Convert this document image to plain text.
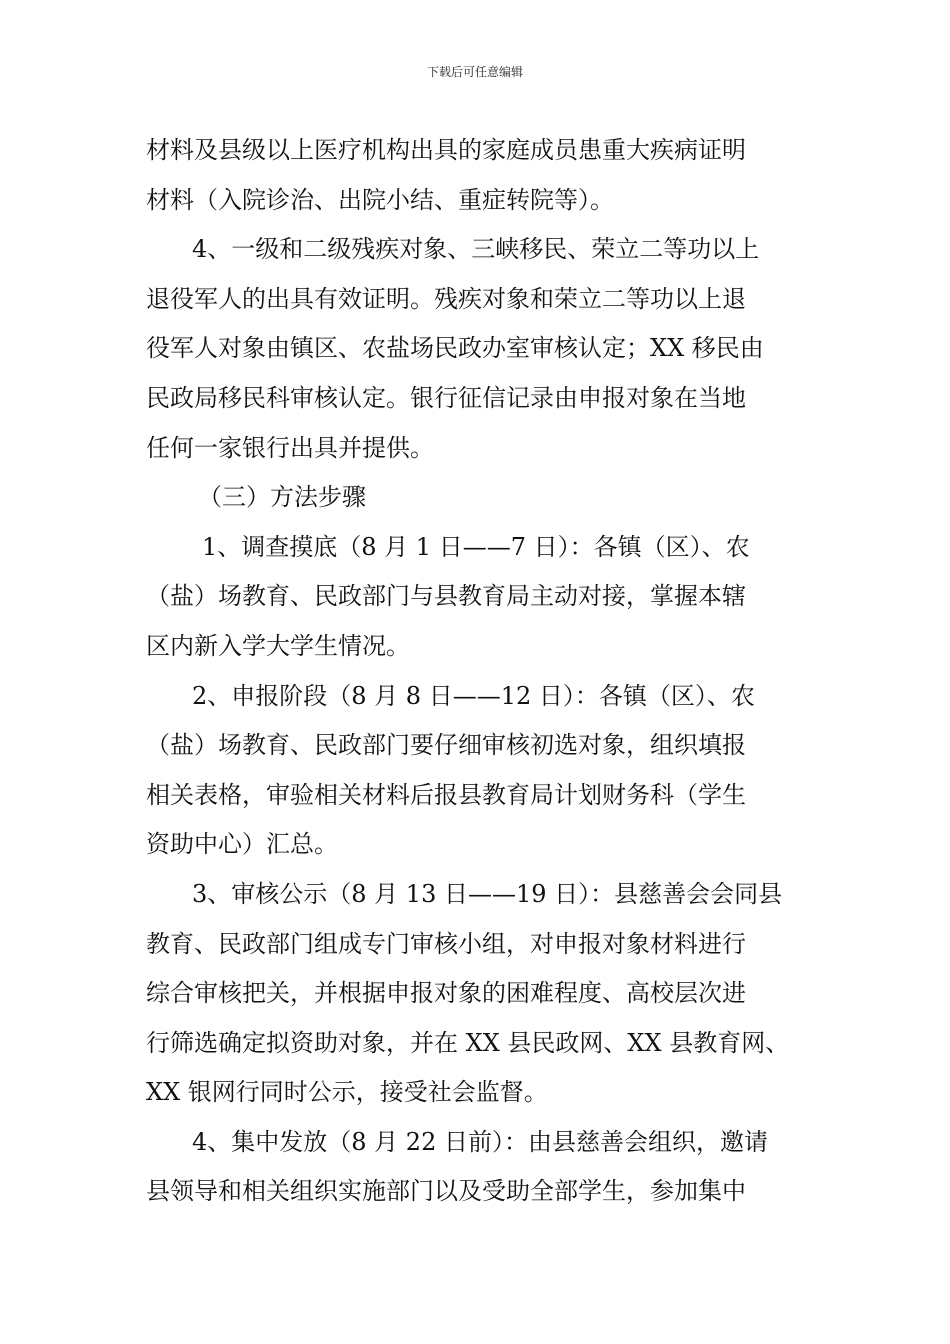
下载后可任意编辑
材料及县级以上医疗机构出具的家庭成员患重大疾病证明
材料（入院诊治、出院小结、重症转院等）。
4、一级和二级残疾对象、三峡移民、荣立二等功以上
退役军人的出具有效证明。残疾对象和荣立二等功以上退
役军人对象由镇区、农盐场民政办室审核认定；XX 移民由
民政局移民科审核认定。银行征信记录由申报对象在当地
任何一家银行出具并提供。
（三）方法步骤
1、调查摸底（8 月 1 日——7 日）：各镇（区）、农
（盐）场教育、民政部门与县教育局主动对接，掌握本辖
区内新入学大学生情况。
2、申报阶段（8 月 8 日——12 日）：各镇（区）、农
（盐）场教育、民政部门要仔细审核初选对象，组织填报
相关表格，审验相关材料后报县教育局计划财务科（学生
资助中心）汇总。
3、审核公示（8 月 13 日——19 日）：县慈善会会同县
教育、民政部门组成专门审核小组，对申报对象材料进行
综合审核把关，并根据申报对象的困难程度、高校层次进
行筛选确定拟资助对象，并在 XX 县民政网、XX 县教育网、
XX 银网行同时公示，接受社会监督。
4、集中发放（8 月 22 日前）：由县慈善会组织，邀请
县领导和相关组织实施部门以及受助全部学生，参加集中
